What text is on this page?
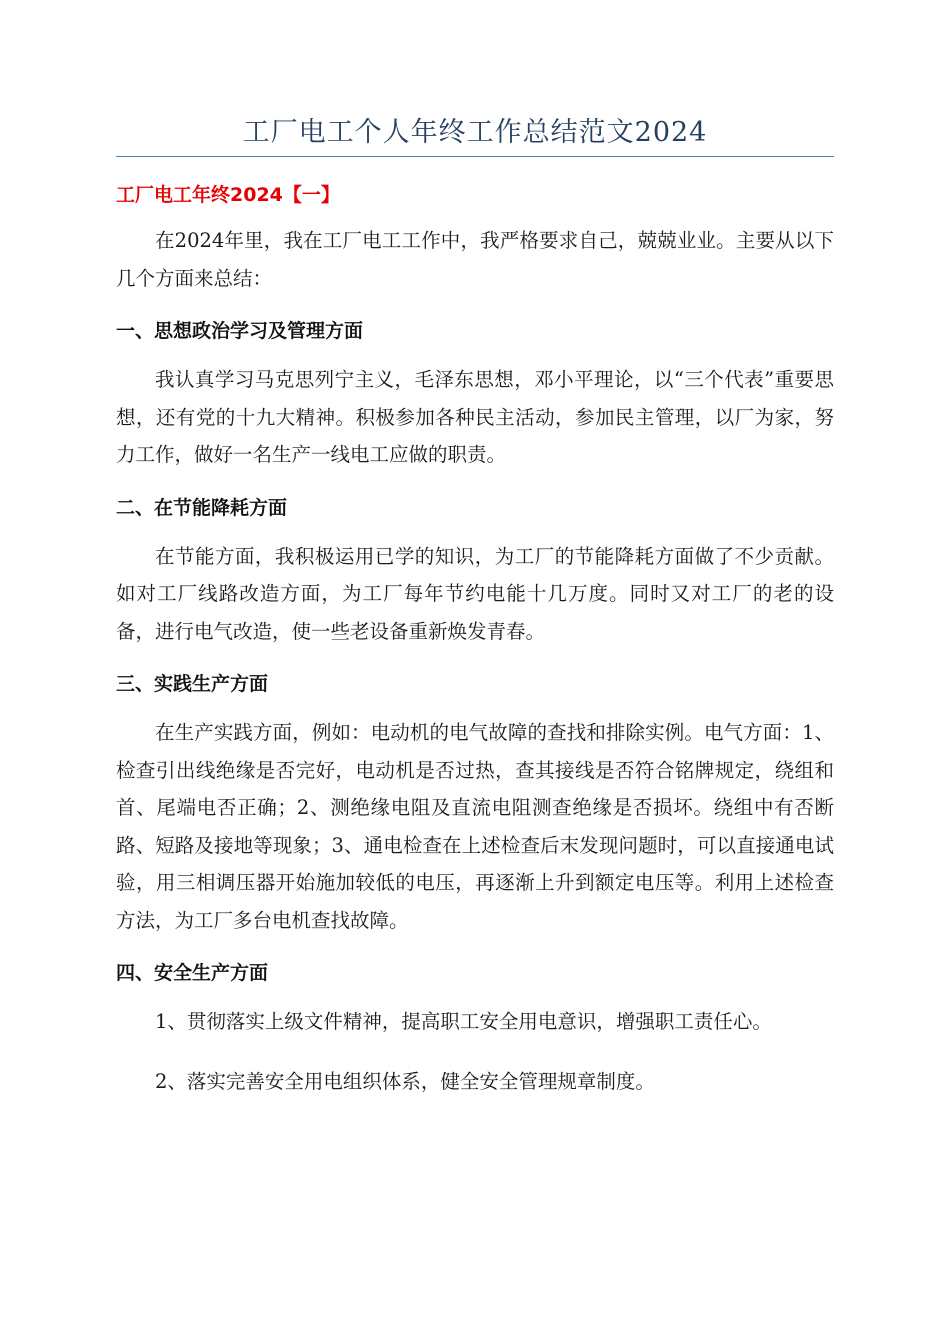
工厂电工个人年终工作总结范文2024
工厂电工年终2024【一】

在2024年里，我在工厂电工工作中，我严格要求自己，兢兢业业。主要从以下几个方面来总结：

一、思想政治学习及管理方面

我认真学习马克思列宁主义，毛泽东思想，邓小平理论，以“三个代表”重要思想，还有党的十九大精神。积极参加各种民主活动，参加民主管理，以厂为家，努力工作，做好一名生产一线电工应做的职责。

二、在节能降耗方面

在节能方面，我积极运用已学的知识，为工厂的节能降耗方面做了不少贡献。如对工厂线路改造方面，为工厂每年节约电能十几万度。同时又对工厂的老的设备，进行电气改造，使一些老设备重新焕发青春。

三、实践生产方面

在生产实践方面，例如：电动机的电气故障的查找和排除实例。电气方面：1、检查引出线绝缘是否完好，电动机是否过热，查其接线是否符合铭牌规定，绕组和首、尾端电否正确；2、测绝缘电阻及直流电阻测查绝缘是否损坏。绕组中有否断路、短路及接地等现象；3、通电检查在上述检查后末发现问题时，可以直接通电试验，用三相调压器开始施加较低的电压，再逐渐上升到额定电压等。利用上述检查方法，为工厂多台电机查找故障。

四、安全生产方面

1、贯彻落实上级文件精神，提高职工安全用电意识，增强职工责任心。

2、落实完善安全用电组织体系，健全安全管理规章制度。
